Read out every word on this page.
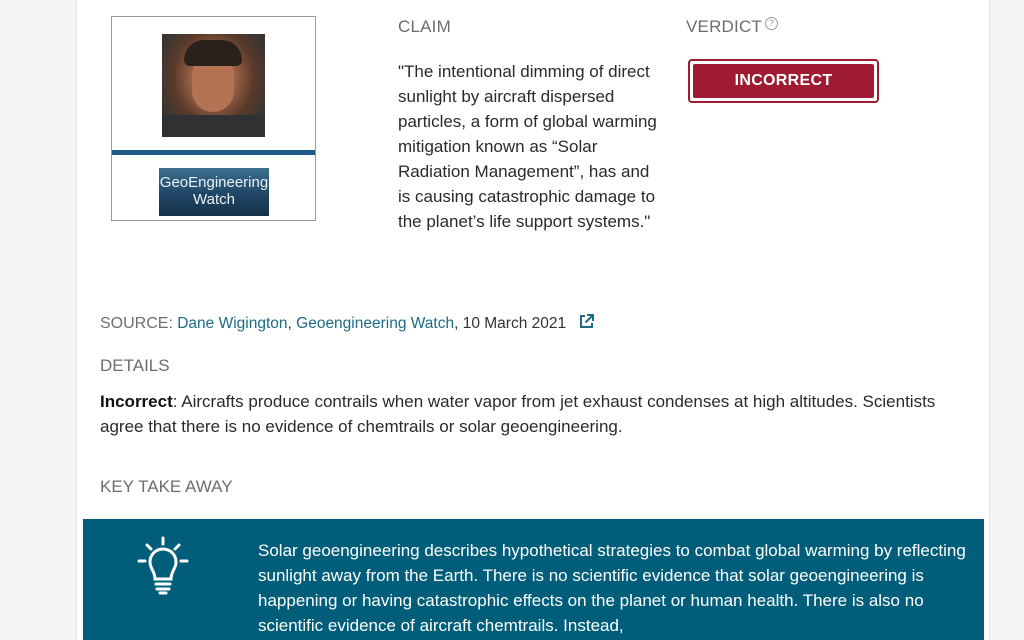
GeoEngineering
Watch
CLAIM
"The intentional dimming of direct sunlight by aircraft dispersed particles, a form of global warming mitigation known as “Solar Radiation Management”, has and is causing catastrophic damage to the planet’s life support systems."
VERDICT ?
INCORRECT
SOURCE: Dane Wigington, Geoengineering Watch, 10 March 2021
DETAILS
Incorrect: Aircrafts produce contrails when water vapor from jet exhaust condenses at high altitudes. Scientists agree that there is no evidence of chemtrails or solar geoengineering.
KEY TAKE AWAY
Solar geoengineering describes hypothetical strategies to combat global warming by reflecting sunlight away from the Earth. There is no scientific evidence that solar geoengineering is happening or having catastrophic effects on the planet or human health. There is also no scientific evidence of aircraft chemtrails. Instead,
